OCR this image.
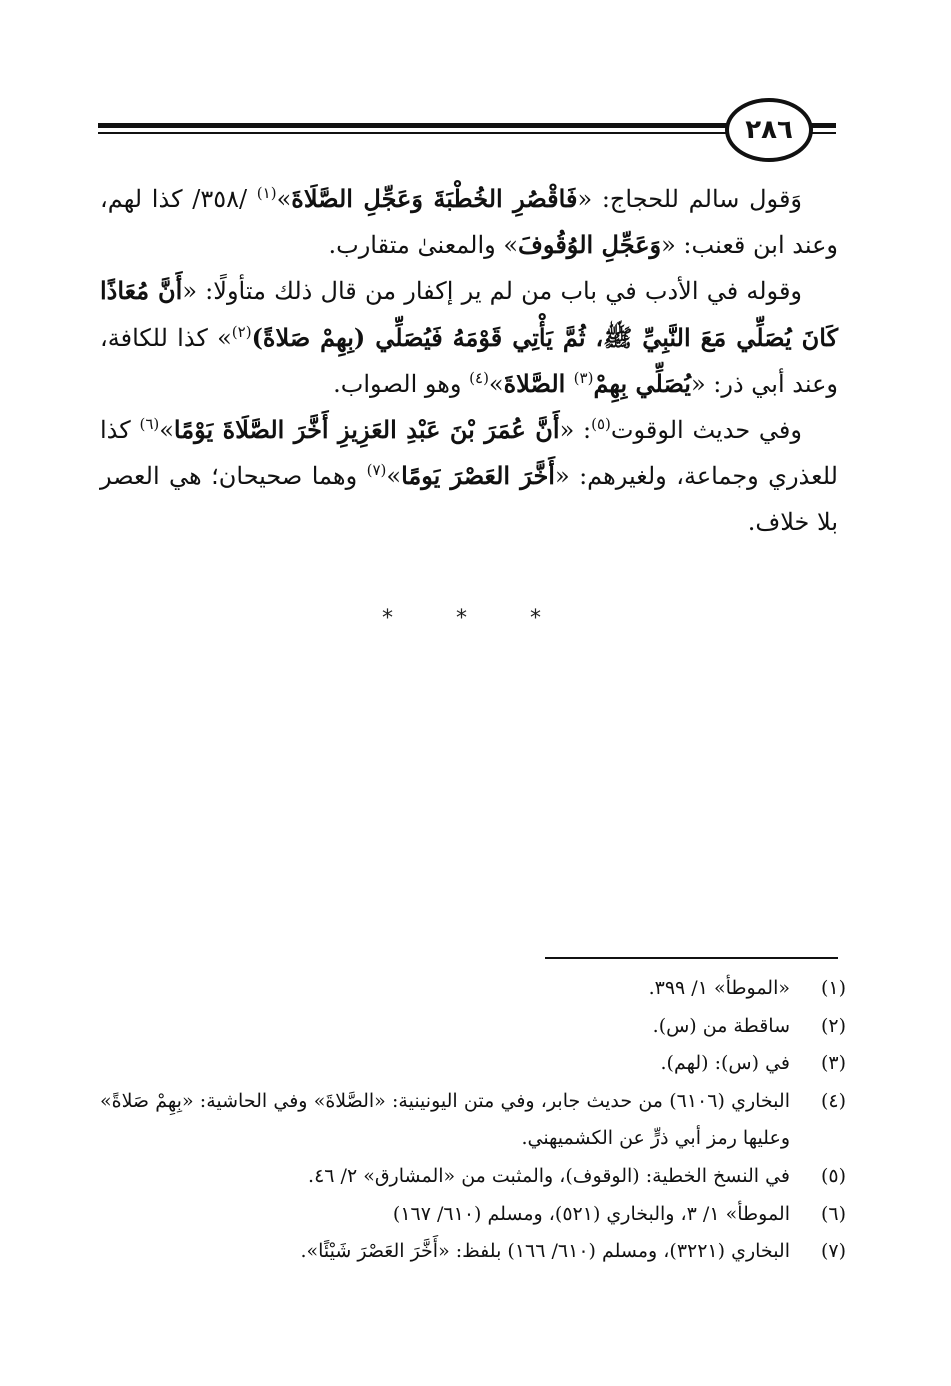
٢٨٦

وَقول سالم للحجاج: «فَاقْصُرِ الخُطْبَةَ وَعَجِّلِ الصَّلَاةَ»$^{(١)}$ /٣٥٨/ كذا لهم، وعند ابن قعنب: «وَعَجِّلِ الوُقُوفَ» والمعنىٰ متقارب.

وقوله في الأدب في باب من لم ير إكفار من قال ذلك متأولًا: «أَنَّ مُعَاذًا كَانَ يُصَلِّي مَعَ النَّبِيِّ ﷺ، ثُمَّ يَأْتِي قَوْمَهُ فَيُصَلِّي (بِهِمْ صَلاةً)$^{(٢)}$» كذا للكافة، وعند أبي ذر: «يُصَلِّي بِهِمْ$^{(٣)}$ الصَّلاةَ»$^{(٤)}$ وهو الصواب.

وفي حديث الوقوت$^{(٥)}$: «أَنَّ عُمَرَ بْنَ عَبْدِ العَزِيزِ أَخَّرَ الصَّلَاةَ يَوْمًا»$^{(٦)}$ كذا للعذري وجماعة، ولغيرهم: «أَخَّرَ العَصْرَ يَومًا»$^{(٧)}$ وهما صحيحان؛ هي العصر بلا خلاف.

* * *
(١)
«الموطأ» ١/ ٣٩٩.
(٢)
ساقطة من (س).
(٣)
في (س): (لهم).
(٤)
البخاري (٦١٠٦) من حديث جابر، وفي متن اليونينية: «الصَّلاةَ» وفي الحاشية: «بِهِمْ صَلاةً» وعليها رمز أبي ذرٍّ عن الكشميهني.
(٥)
في النسخ الخطية: (الوقوف)، والمثبت من «المشارق» ٢/ ٤٦.
(٦)
الموطأ» ١/ ٣، والبخاري (٥٢١)، ومسلم (٦١٠/ ١٦٧)
(٧)
البخاري (٣٢٢١)، ومسلم (٦١٠/ ١٦٦) بلفظ: «أَخَّرَ العَصْرَ شَيْئًا».
